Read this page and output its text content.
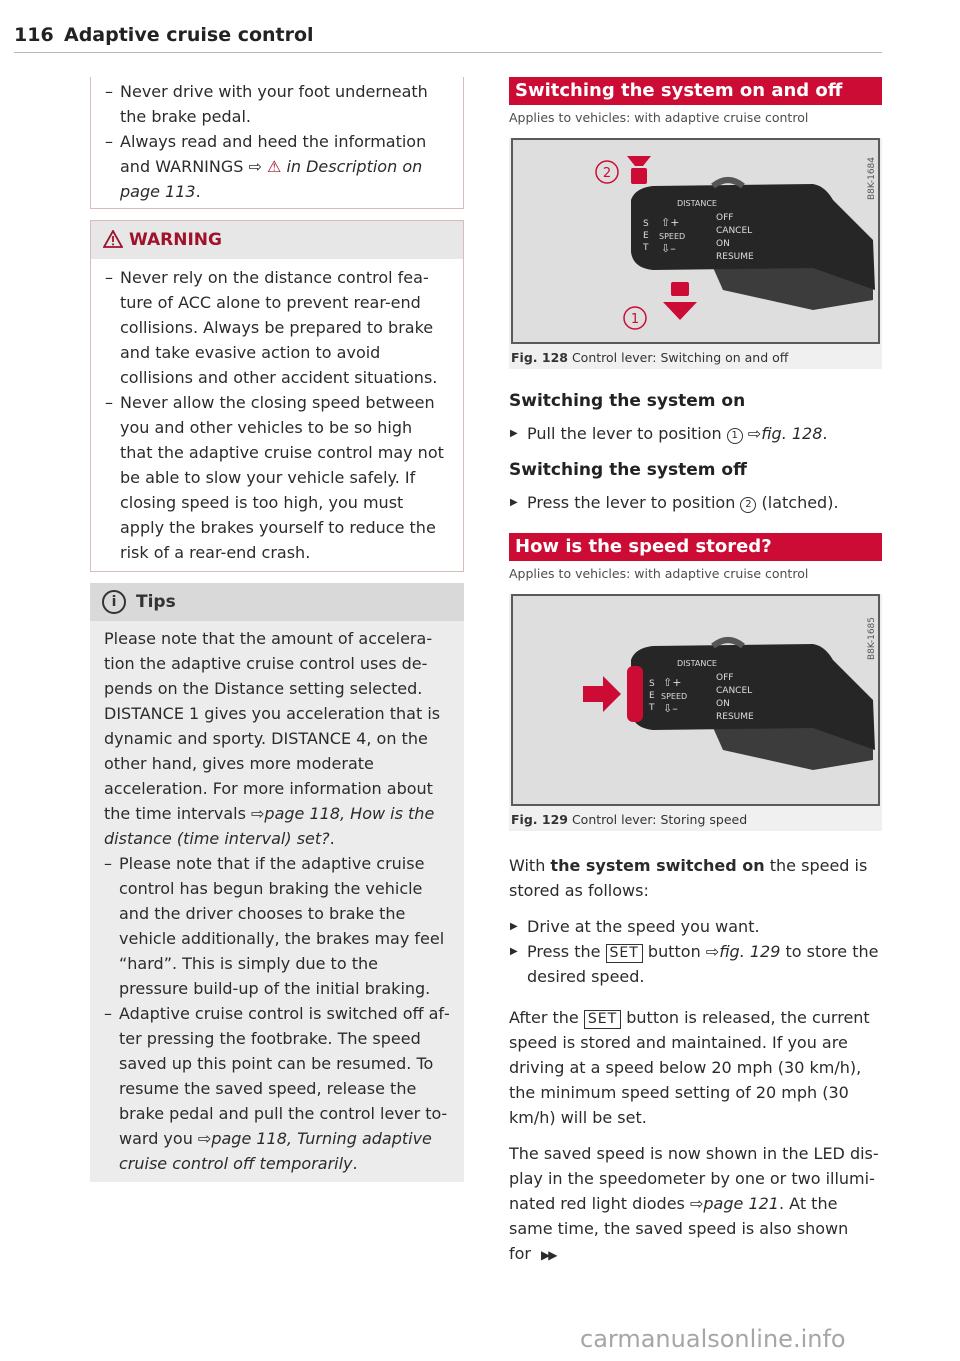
116 Adaptive cruise control
– Never drive with your foot underneath the brake pedal.
– Always read and heed the information and WARNINGS ⇨ ⚠ in Description on page 113.
WARNING
– Never rely on the distance control feature of ACC alone to prevent rear-end collisions. Always be prepared to brake and take evasive action to avoid collisions and other accident situations.
– Never allow the closing speed between you and other vehicles to be so high that the adaptive cruise control may not be able to slow your vehicle safely. If closing speed is too high, you must apply the brakes yourself to reduce the risk of a rear-end crash.
i Tips
Please note that the amount of acceleration the adaptive cruise control uses depends on the Distance setting selected. DISTANCE 1 gives you acceleration that is dynamic and sporty. DISTANCE 4, on the other hand, gives more moderate acceleration. For more information about the time intervals ⇨page 118, How is the distance (time interval) set?.
– Please note that if the adaptive cruise control has begun braking the vehicle and the driver chooses to brake the vehicle additionally, the brakes may feel “hard”. This is simply due to the pressure build-up of the initial braking.
– Adaptive cruise control is switched off after pressing the footbrake. The speed saved up this point can be resumed. To resume the saved speed, release the brake pedal and pull the control lever toward you ⇨page 118, Turning adaptive cruise control off temporarily.
Switching the system on and off
Applies to vehicles: with adaptive cruise control
DISTANCE
S
E
T
⇧+
SPEED
⇩–
OFF
CANCEL
ON
RESUME
2
1
B8K-1684
Fig. 128 Control lever: Switching on and off
Switching the system on
▶ Pull the lever to position 1 ⇨fig. 128.
Switching the system off
▶ Press the lever to position 2 (latched).
How is the speed stored?
Applies to vehicles: with adaptive cruise control
DISTANCE
S
E
T
⇧+
SPEED
⇩–
OFF
CANCEL
ON
RESUME
B8K-1685
Fig. 129 Control lever: Storing speed

With the system switched on the speed is stored as follows:

▶ Drive at the speed you want.
▶ Press the SET button ⇨fig. 129 to store the desired speed.

After the SET button is released, the current speed is stored and maintained. If you are driving at a speed below 20 mph (30 km/h), the minimum speed setting of 20 mph (30 km/h) will be set.

The saved speed is now shown in the LED display in the speedometer by one or two illuminated red light diodes ⇨page 121. At the same time, the saved speed is also shown for ▶▶

carmanualsonline.info
